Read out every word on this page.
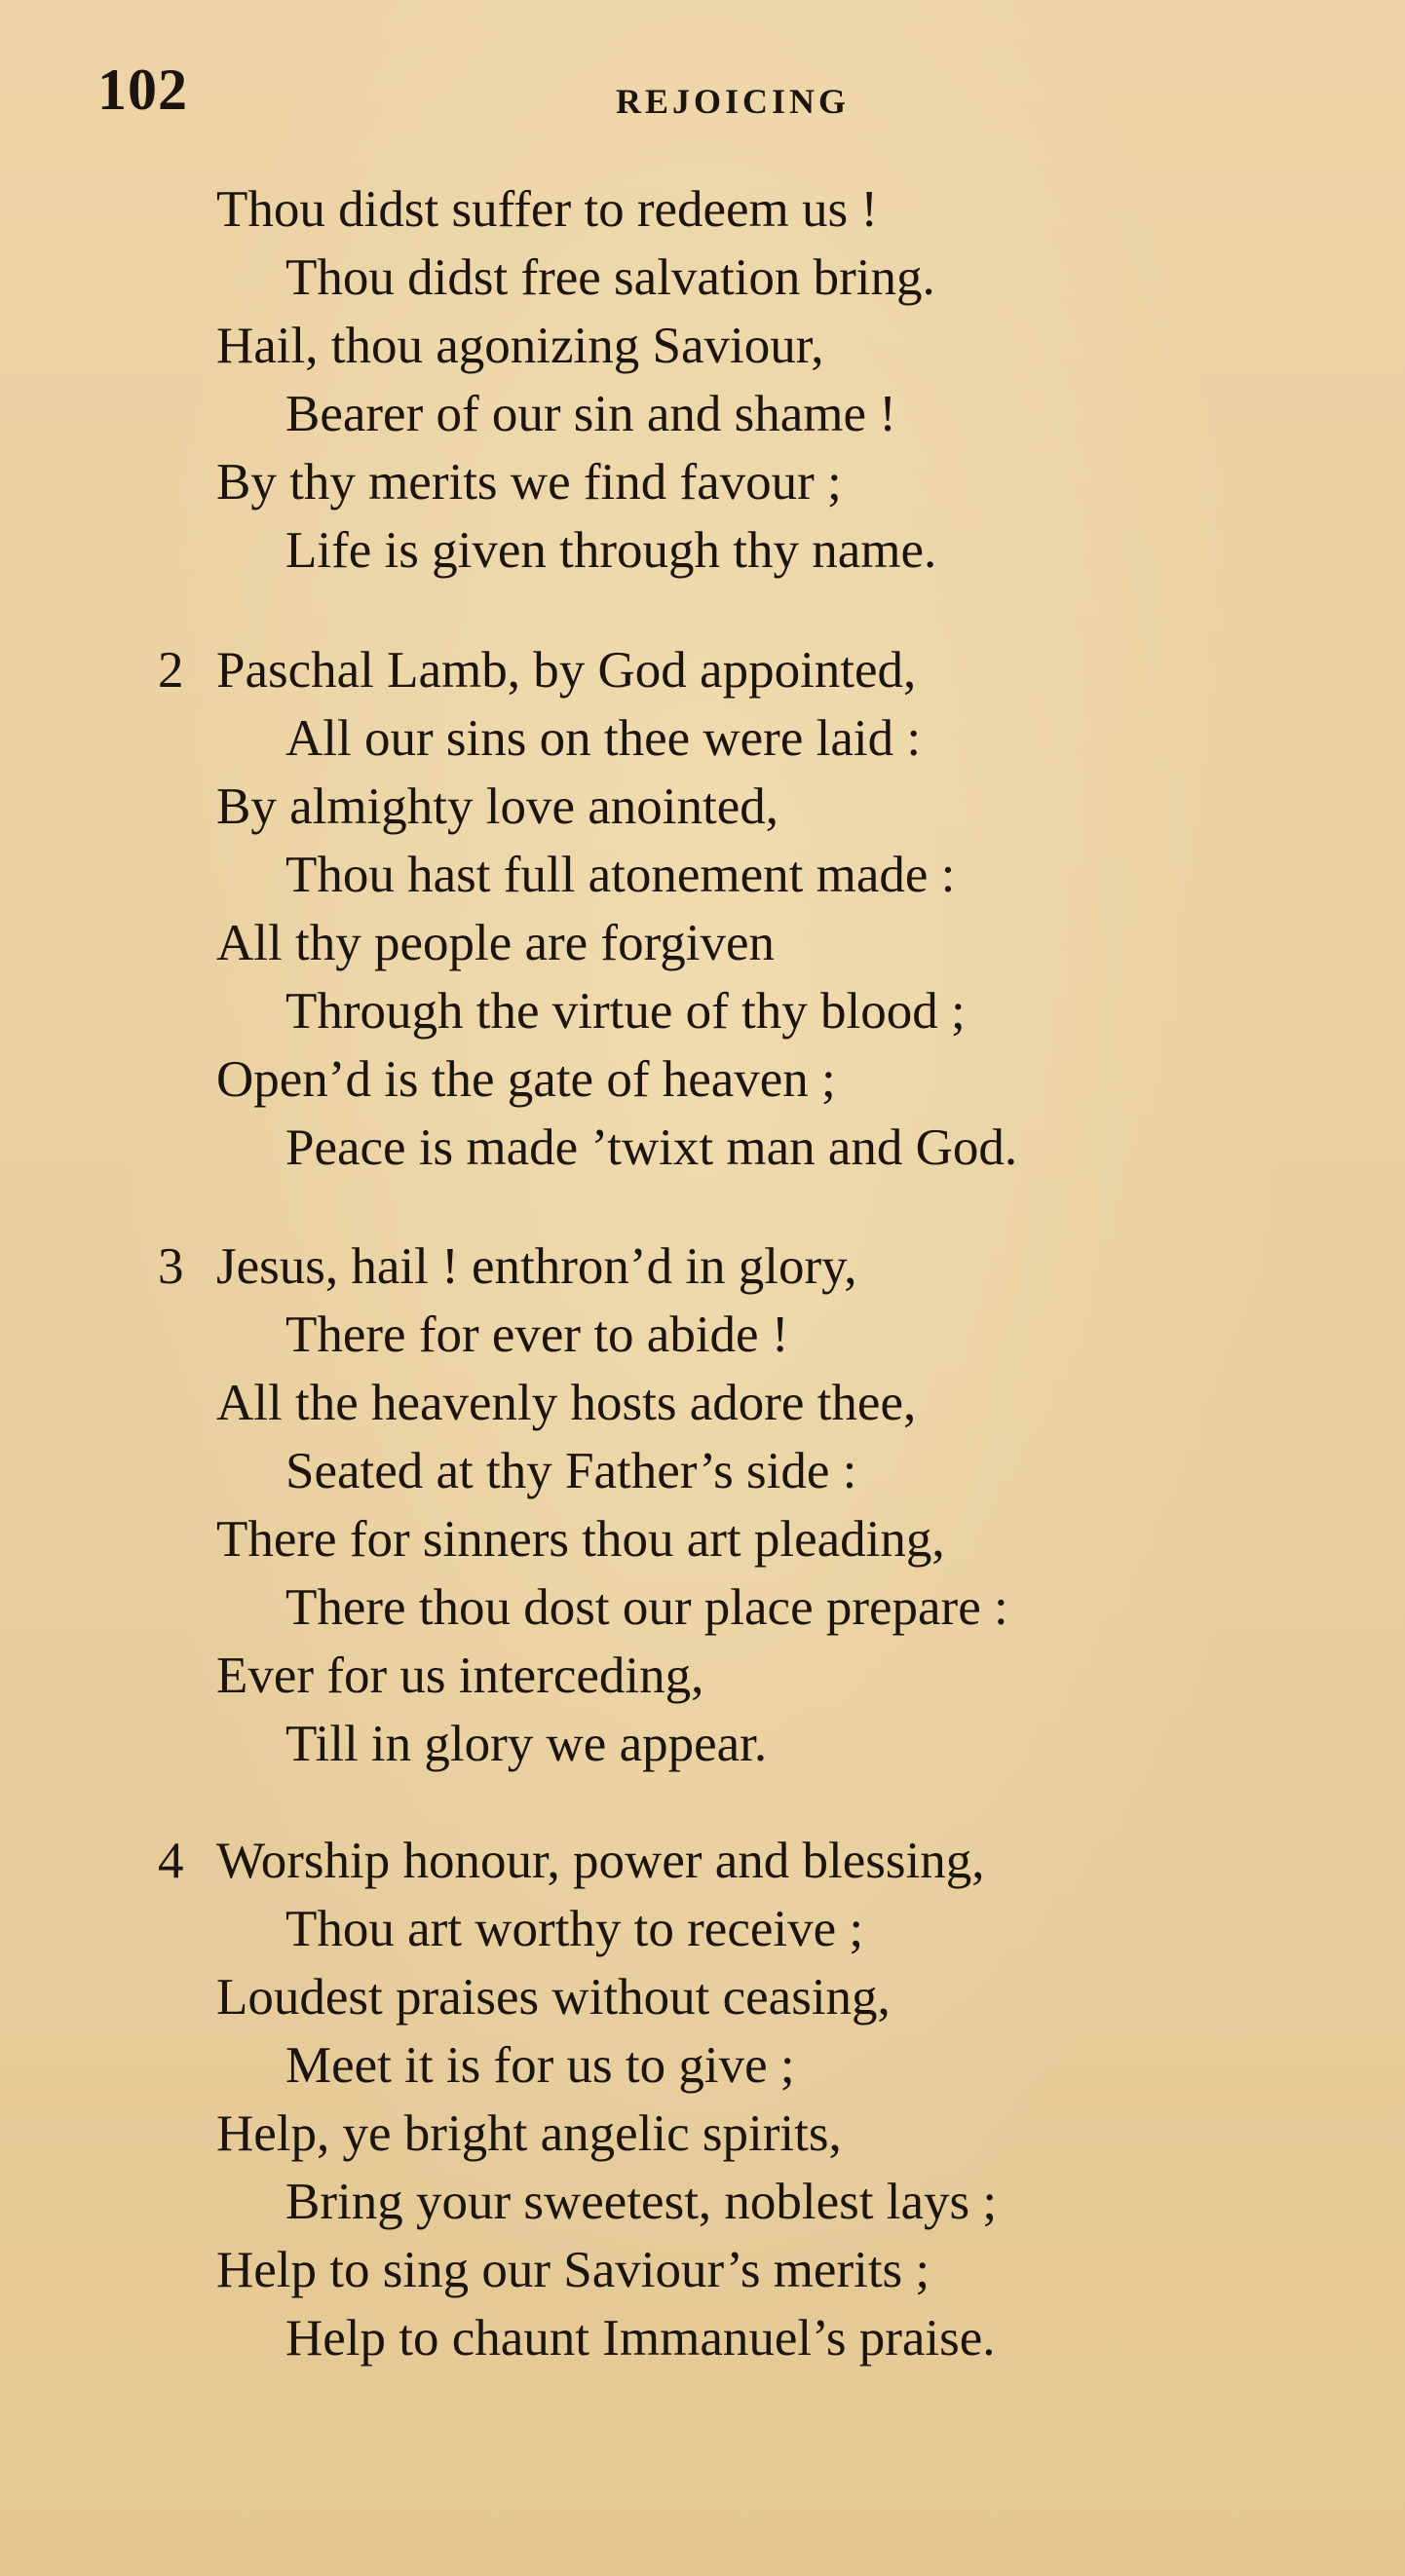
102	REJOICING
Thou didst suffer to redeem us !
Thou didst free salvation bring.
Hail, thou agonizing Saviour,
Bearer of our sin and shame !
By thy merits we find favour ;
Life is given through thy name.
2 Paschal Lamb, by God appointed,
All our sins on thee were laid :
By almighty love anointed,
Thou hast full atonement made :
All thy people are forgiven
Through the virtue of thy blood ;
Open’d is the gate of heaven ;
Peace is made ’twixt man and God.
3 Jesus, hail ! enthron’d in glory,
There for ever to abide !
All the heavenly hosts adore thee,
Seated at thy Father’s side :
There for sinners thou art pleading,
There thou dost our place prepare :
Ever for us interceding,
Till in glory we appear.
4 Worship honour, power and blessing,
Thou art worthy to receive ;
Loudest praises without ceasing,
Meet it is for us to give ;
Help, ye bright angelic spirits,
Bring your sweetest, noblest lays ;
Help to sing our Saviour’s merits ;
Help to chaunt Immanuel’s praise.
